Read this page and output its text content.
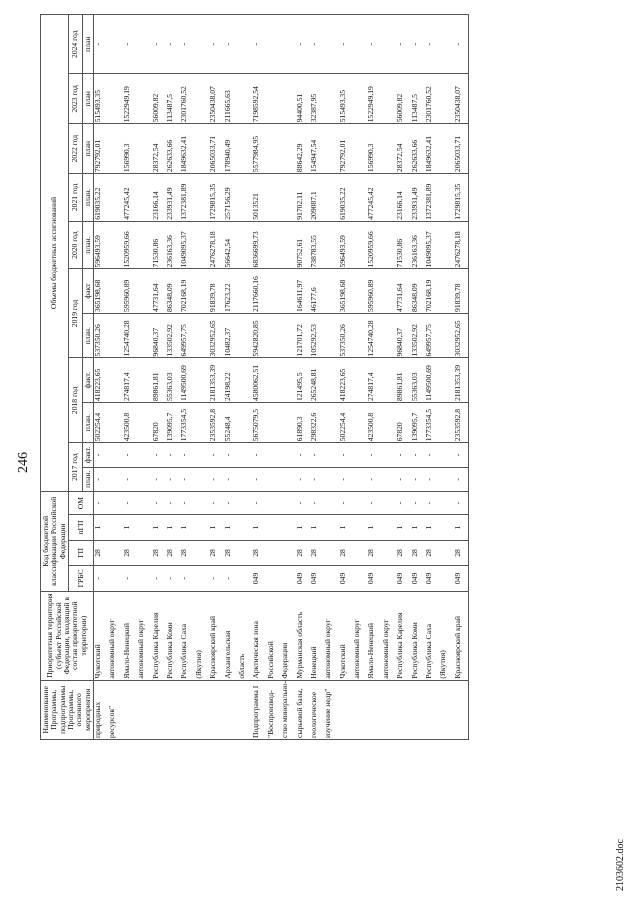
246
Наименование Программы, подпрограммы Программы, основного мероприятия	Приоритетная территория (субъект Российской Федерации, входящий в состав приоритетной территории)	Код бюджетной классификации Российской Федерации				Объемы бюджетных ассигнований										
		ГРБС	ГП	пГП	ОМ	2017 год		2018 год		2019 год		2020 год	2021 год	2022 год	2023 год	2024 год
						план.	факт.	план.	факт.	план.	факт	план.	план.	план	план	план
природных	Чукотский	-	28	1	-	-	-	502254,4	418223,65	537350,26	365198,68	596493,59	619035,22	792792,01	515493,35	-
ресурсов"	автономный округ															
	Ямало-Ненецкий	-	28	1	-	-	-	423500,8	274817,4	1254740,28	595960,89	1520959,66	477245,42	156990,3	1522949,19	-
	автономный округ															
	Республика Карелия	-	28	1	-	-	-	67820	89861,81	96840,37	47731,64	71530,86	23166,14	28372,54	56009,82	-
	Республика Коми	-	28	1	-	-	-	139095,7	55363,03	133502,92	86348,09	236163,36	233931,49	262633,66	113487,5	-
	Республика Саха	-	28	1	-	-	-	1773354,5	1149500,69	649957,75	702168,19	1049095,37	1372381,89	1849632,41	2301760,52	-
	(Якутия)															
	Красноярский край	-	28	1	-	-	-	2353592,8	2181353,39	3032952,65	91839,78	2476278,18	1729815,35	2065033,71	2350438,07	-
	Архангельская	-	28	1	-	-	-	55248,4	24198,22	10482,37	17623,22	56642,54	257156,29	178940,49	211665,63	-
	область															
Подпрограмма I	Арктическая зона	049	28	1	-	-	-	5675079,5	4580062,51	5942820,85	2117660,16	6836699,73	5013521	5577984,95	7198592,54	-
"Воспроизвод-	Российской															
ство минерально-	Федерации															
сырьевой базы,	Мурманская область	049	28	1	-	-	-	61890,3	121495,5	121701,72	164611,97	90752,61	91702,11	88642,29	94400,51	-
геологическое	Ненецкий	049	28	1	-	-	-	298322,6	265248,81	105292,53	46177,6	738783,55	209087,1	154947,54	32387,95	-
изучение недр"	автономный округ															
	Чукотский	049	28	1	-	-	-	502254,4	418223,65	537350,26	365198,68	596493,59	619035,22	792792,01	515493,35	-
	автономный округ															
	Ямало-Ненецкий	049	28	1	-	-	-	423500,8	274817,4	1254740,28	595960,89	1520959,66	477245,42	156990,3	1522949,19	-
	автономный округ															
	Республика Карелия	049	28	1	-	-	-	67820	89861,81	96840,37	47731,64	71530,86	23166,14	28372,54	56009,82	-
	Республика Коми	049	28	1	-	-	-	139095,7	55363,03	133502,92	86348,09	236163,36	233931,49	262633,66	113487,5	-
	Республика Саха	049	28	1	-	-	-	1773354,5	1149500,69	649957,75	702168,19	1049095,37	1372381,89	1849632,41	2301760,52	-
	(Якутия)															
	Красноярский край	049	28	1	-	-	-	2353592,8	2181353,39	3032952,65	91839,78	2476278,18	1729815,35	2065033,71	2350438,07	-
2103602.doc
